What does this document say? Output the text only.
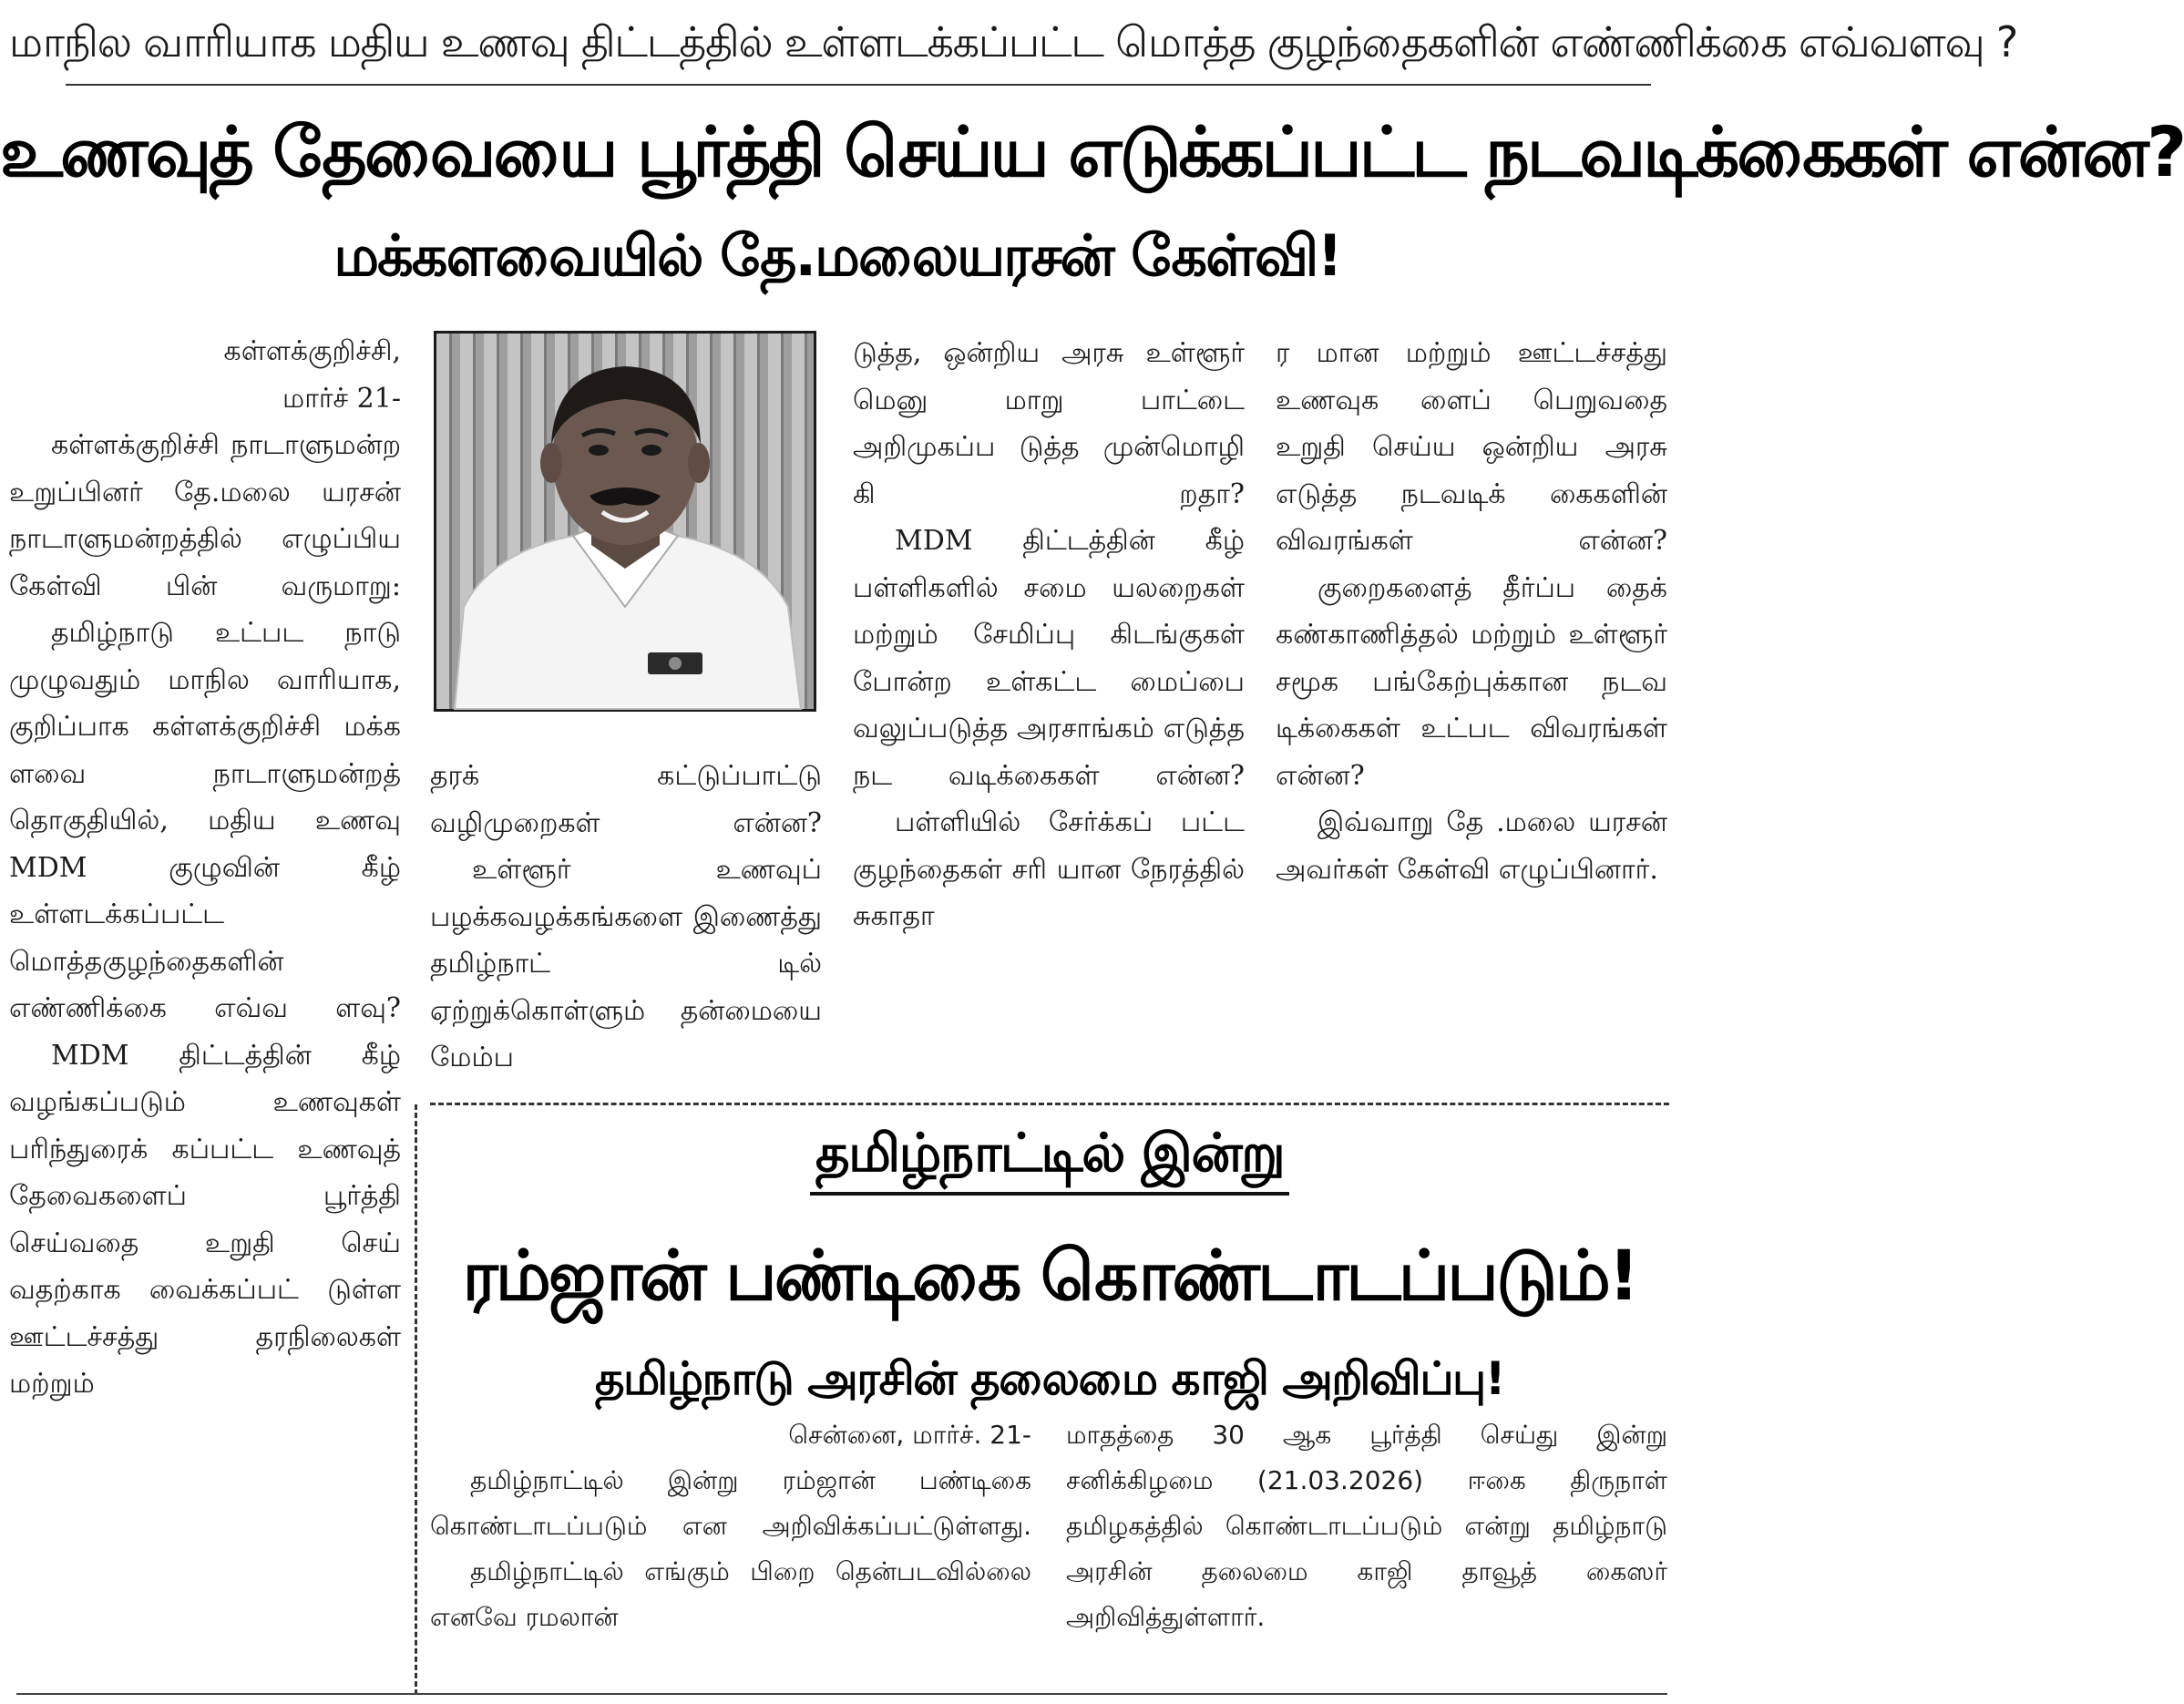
மாநில வாரியாக மதிய உணவு திட்டத்தில் உள்ளடக்கப்பட்ட மொத்த குழந்தைகளின் எண்ணிக்கை எவ்வளவு ?
உணவுத் தேவையை பூர்த்தி செய்ய எடுக்கப்பட்ட நடவடிக்கைகள் என்ன?
மக்களவையில் தே.மலையரசன் கேள்வி!

கள்ளக்குறிச்சி,

மார்ச் 21-

கள்ளக்குறிச்சி நாடாளுமன்ற உறுப்பினர் தே.மலை யரசன் நாடாளுமன்றத்தில் எழுப்பிய கேள்வி பின் வருமாறு:

தமிழ்நாடு உட்பட நாடு முழுவதும் மாநில வாரியாக, குறிப்பாக கள்ளக்குறிச்சி மக்க ளவை நாடாளுமன்றத் தொகுதியில், மதிய உணவு MDM குழுவின் கீழ் உள்ளடக்கப்பட்ட மொத்தகுழந்தைகளின் எண்ணிக்கை எவ்வ ளவு?

MDM திட்டத்தின் கீழ் வழங்கப்படும் உணவுகள் பரிந்துரைக் கப்பட்ட உணவுத் தேவைகளைப் பூர்த்தி செய்வதை உறுதி செய் வதற்காக வைக்கப்பட் டுள்ள ஊட்டச்சத்து தரநிலைகள் மற்றும்

தரக் கட்டுப்பாட்டு வழிமுறைகள் என்ன?

உள்ளூர் உணவுப் பழக்கவழக்கங்களை இணைத்து தமிழ்நாட் டில் ஏற்றுக்கொள்ளும் தன்மையை மேம்ப

டுத்த, ஒன்றிய அரசு உள்ளூர் மெனு மாறு பாட்டை அறிமுகப்ப டுத்த முன்மொழி கி றதா?

MDM திட்டத்தின் கீழ் பள்ளிகளில் சமை யலறைகள் மற்றும் சேமிப்பு கிடங்குகள் போன்ற உள்கட்ட மைப்பை வலுப்படுத்த அரசாங்கம் எடுத்த நட வடிக்கைகள் என்ன?

பள்ளியில் சேர்க்கப் பட்ட குழந்தைகள் சரி யான நேரத்தில் சுகாதா

ர மான மற்றும் ஊட்டச்சத்து உணவுக ளைப் பெறுவதை உறுதி செய்ய ஒன்றிய அரசு எடுத்த நடவடிக் கைகளின் விவரங்கள் என்ன?

குறைகளைத் தீர்ப்ப தைக் கண்காணித்தல் மற்றும் உள்ளூர் சமூக பங்கேற்புக்கான நடவ டிக்கைகள் உட்பட விவரங்கள் என்ன?

இவ்வாறு தே .மலை யரசன் அவர்கள் கேள்வி எழுப்பினார்.

தமிழ்நாட்டில் இன்று
ரம்ஜான் பண்டிகை கொண்டாடப்படும்!
தமிழ்நாடு அரசின் தலைமை காஜி அறிவிப்பு!

சென்னை, மார்ச். 21-

தமிழ்நாட்டில் இன்று ரம்ஜான் பண்டிகை கொண்டாடப்படும் என அறிவிக்கப்பட்டுள்ளது.

தமிழ்நாட்டில் எங்கும் பிறை தென்படவில்லை எனவே ரமலான்

மாதத்தை 30 ஆக பூர்த்தி செய்து இன்று சனிக்கிழமை (21.03.2026) ஈகை திருநாள் தமிழகத்தில் கொண்டாடப்படும் என்று தமிழ்நாடு அரசின் தலைமை காஜி தாவூத் கைஸர் அறிவித்துள்ளார்.
